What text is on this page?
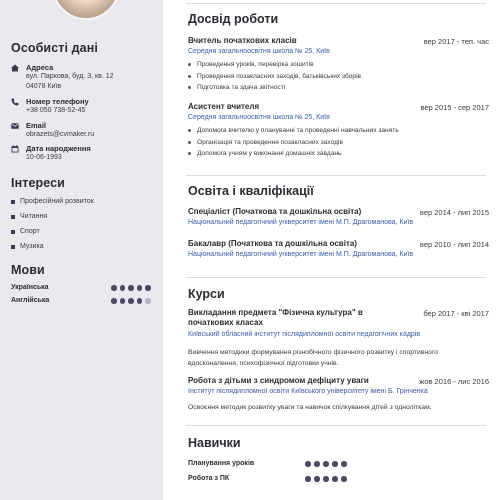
Особисті дані
Адреса
вул. Паркова, буд. 3, кв. 12
04078 Київ
Номер телефону
+38 050 738-52-45
Email
obrazets@cvmaker.ru
Дата народження
10-06-1993
Інтереси
Професійний розвиток
Читання
Спорт
Музика
Мови
Українська
Англійська
Досвід роботи
Вчитель початкових класів	вер 2017 - теп. час
Середня загальноосвітня школа № 25, Київ
Проведення уроків, перевірка зошитів
Проведення позакласних заходів, батьківських зборів
Підготовка та здача звітності
Асистент вчителя	вер 2015 - сер 2017
Середня загальноосвітня школа № 25, Київ
Допомога вчителю у плануванні та проведенні навчальних занять
Організація та проведення позакласних заходів
Допомога учням у виконанні домашніх завдань
Освіта і кваліфікації
Спеціаліст (Початкова та дошкільна освіта)	вер 2014 - лип 2015
Національний педагогічний університет імені М.П. Драгоманова, Київ
Бакалавр (Початкова та дошкільна освіта)	вер 2010 - лип 2014
Національний педагогічний університет імені М.П. Драгоманова, Київ
Курси
Викладання предмета "Фізична культура" в
початкових класах
бер 2017 - кві 2017
Київський обласний інститут післядипломної освіти педагогічних кадрів
Вивчення методики формування різнобічного фізичного розвитку і спортивного
вдосконалення, психофізичної підготовки учнів.
Робота з дітьми з синдромом дефіциту уваги	жов 2016 - лис 2016
Інститут післядипломної освіти Київського університету імені Б. Грінченка
Освоєння методик розвитку уваги та навичок спілкування дітей з одноліткам.
Навички
Планування уроків
Робота з ПК
